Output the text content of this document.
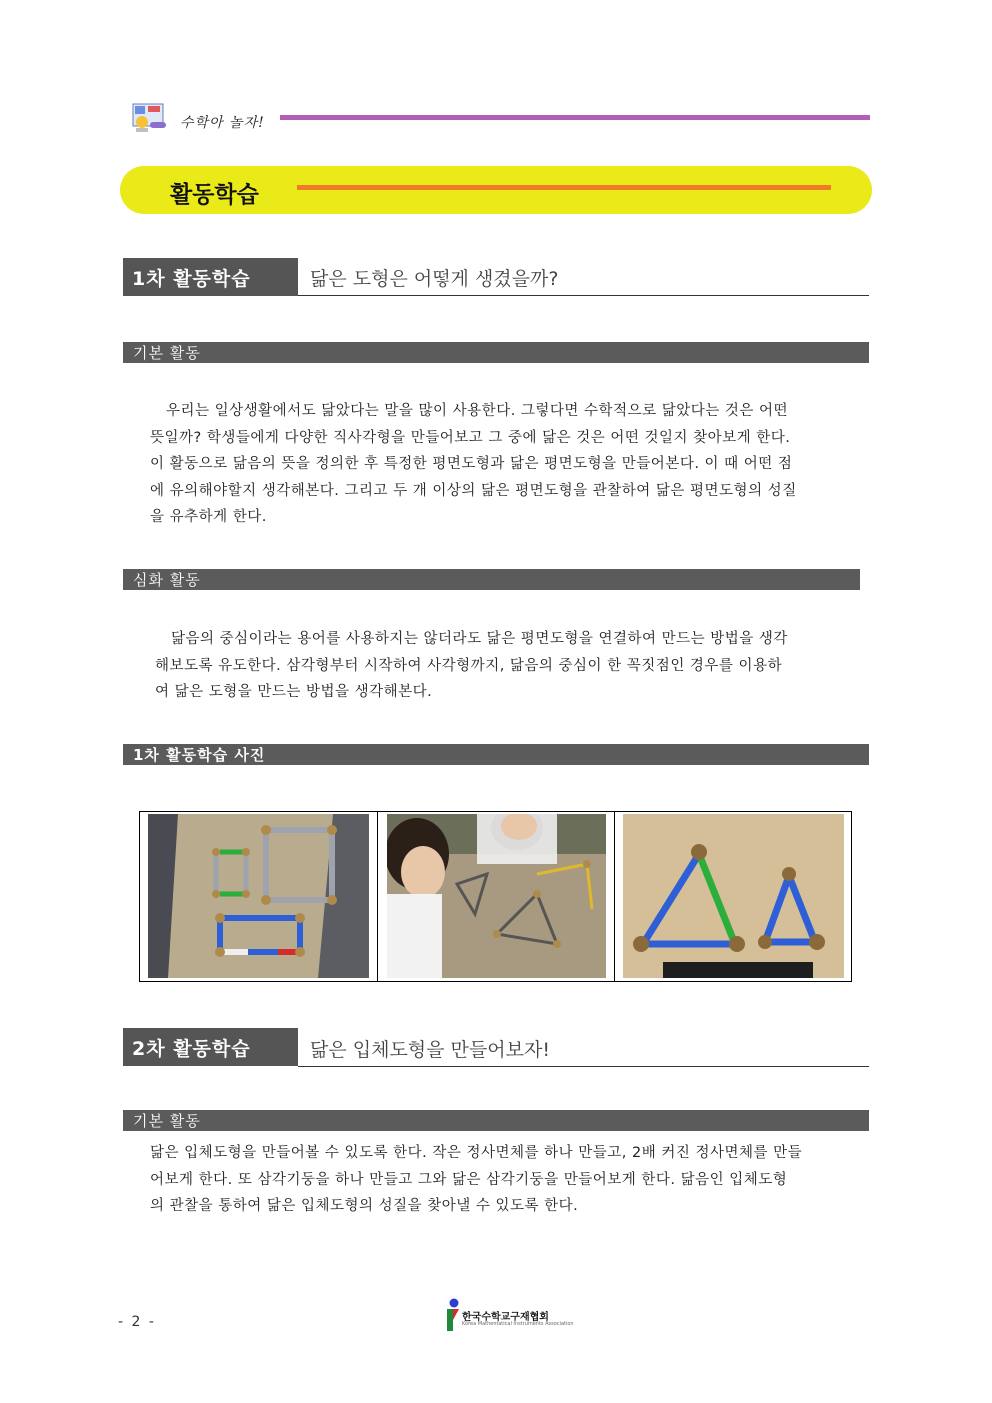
수학아 놀자!
활동학습
1차 활동학습	닮은 도형은 어떻게 생겼을까?
기본 활동
우리는 일상생활에서도 닮았다는 말을 많이 사용한다. 그렇다면 수학적으로 닮았다는 것은 어떤
뜻일까? 학생들에게 다양한 직사각형을 만들어보고 그 중에 닮은 것은 어떤 것일지 찾아보게 한다.
이 활동으로 닮음의 뜻을 정의한 후 특정한 평면도형과 닮은 평면도형을 만들어본다. 이 때 어떤 점
에 유의해야할지 생각해본다. 그리고 두 개 이상의 닮은 평면도형을 관찰하여 닮은 평면도형의 성질
을 유추하게 한다.
심화 활동
닮음의 중심이라는 용어를 사용하지는 않더라도 닮은 평면도형을 연결하여 만드는 방법을 생각
해보도록 유도한다. 삼각형부터 시작하여 사각형까지, 닮음의 중심이 한 꼭짓점인 경우를 이용하
여 닮은 도형을 만드는 방법을 생각해본다.
1차 활동학습 사진
2차 활동학습	닮은 입체도형을 만들어보자!
기본 활동
닮은 입체도형을 만들어볼 수 있도록 한다. 작은 정사면체를 하나 만들고, 2배 커진 정사면체를 만들
어보게 한다. 또 삼각기둥을 하나 만들고 그와 닮은 삼각기둥을 만들어보게 한다. 닮음인 입체도형
의 관찰을 통하여 닮은 입체도형의 성질을 찾아낼 수 있도록 한다.
- 2 -	한국수학교구재협회
Korea Mathematical Instruments Association
